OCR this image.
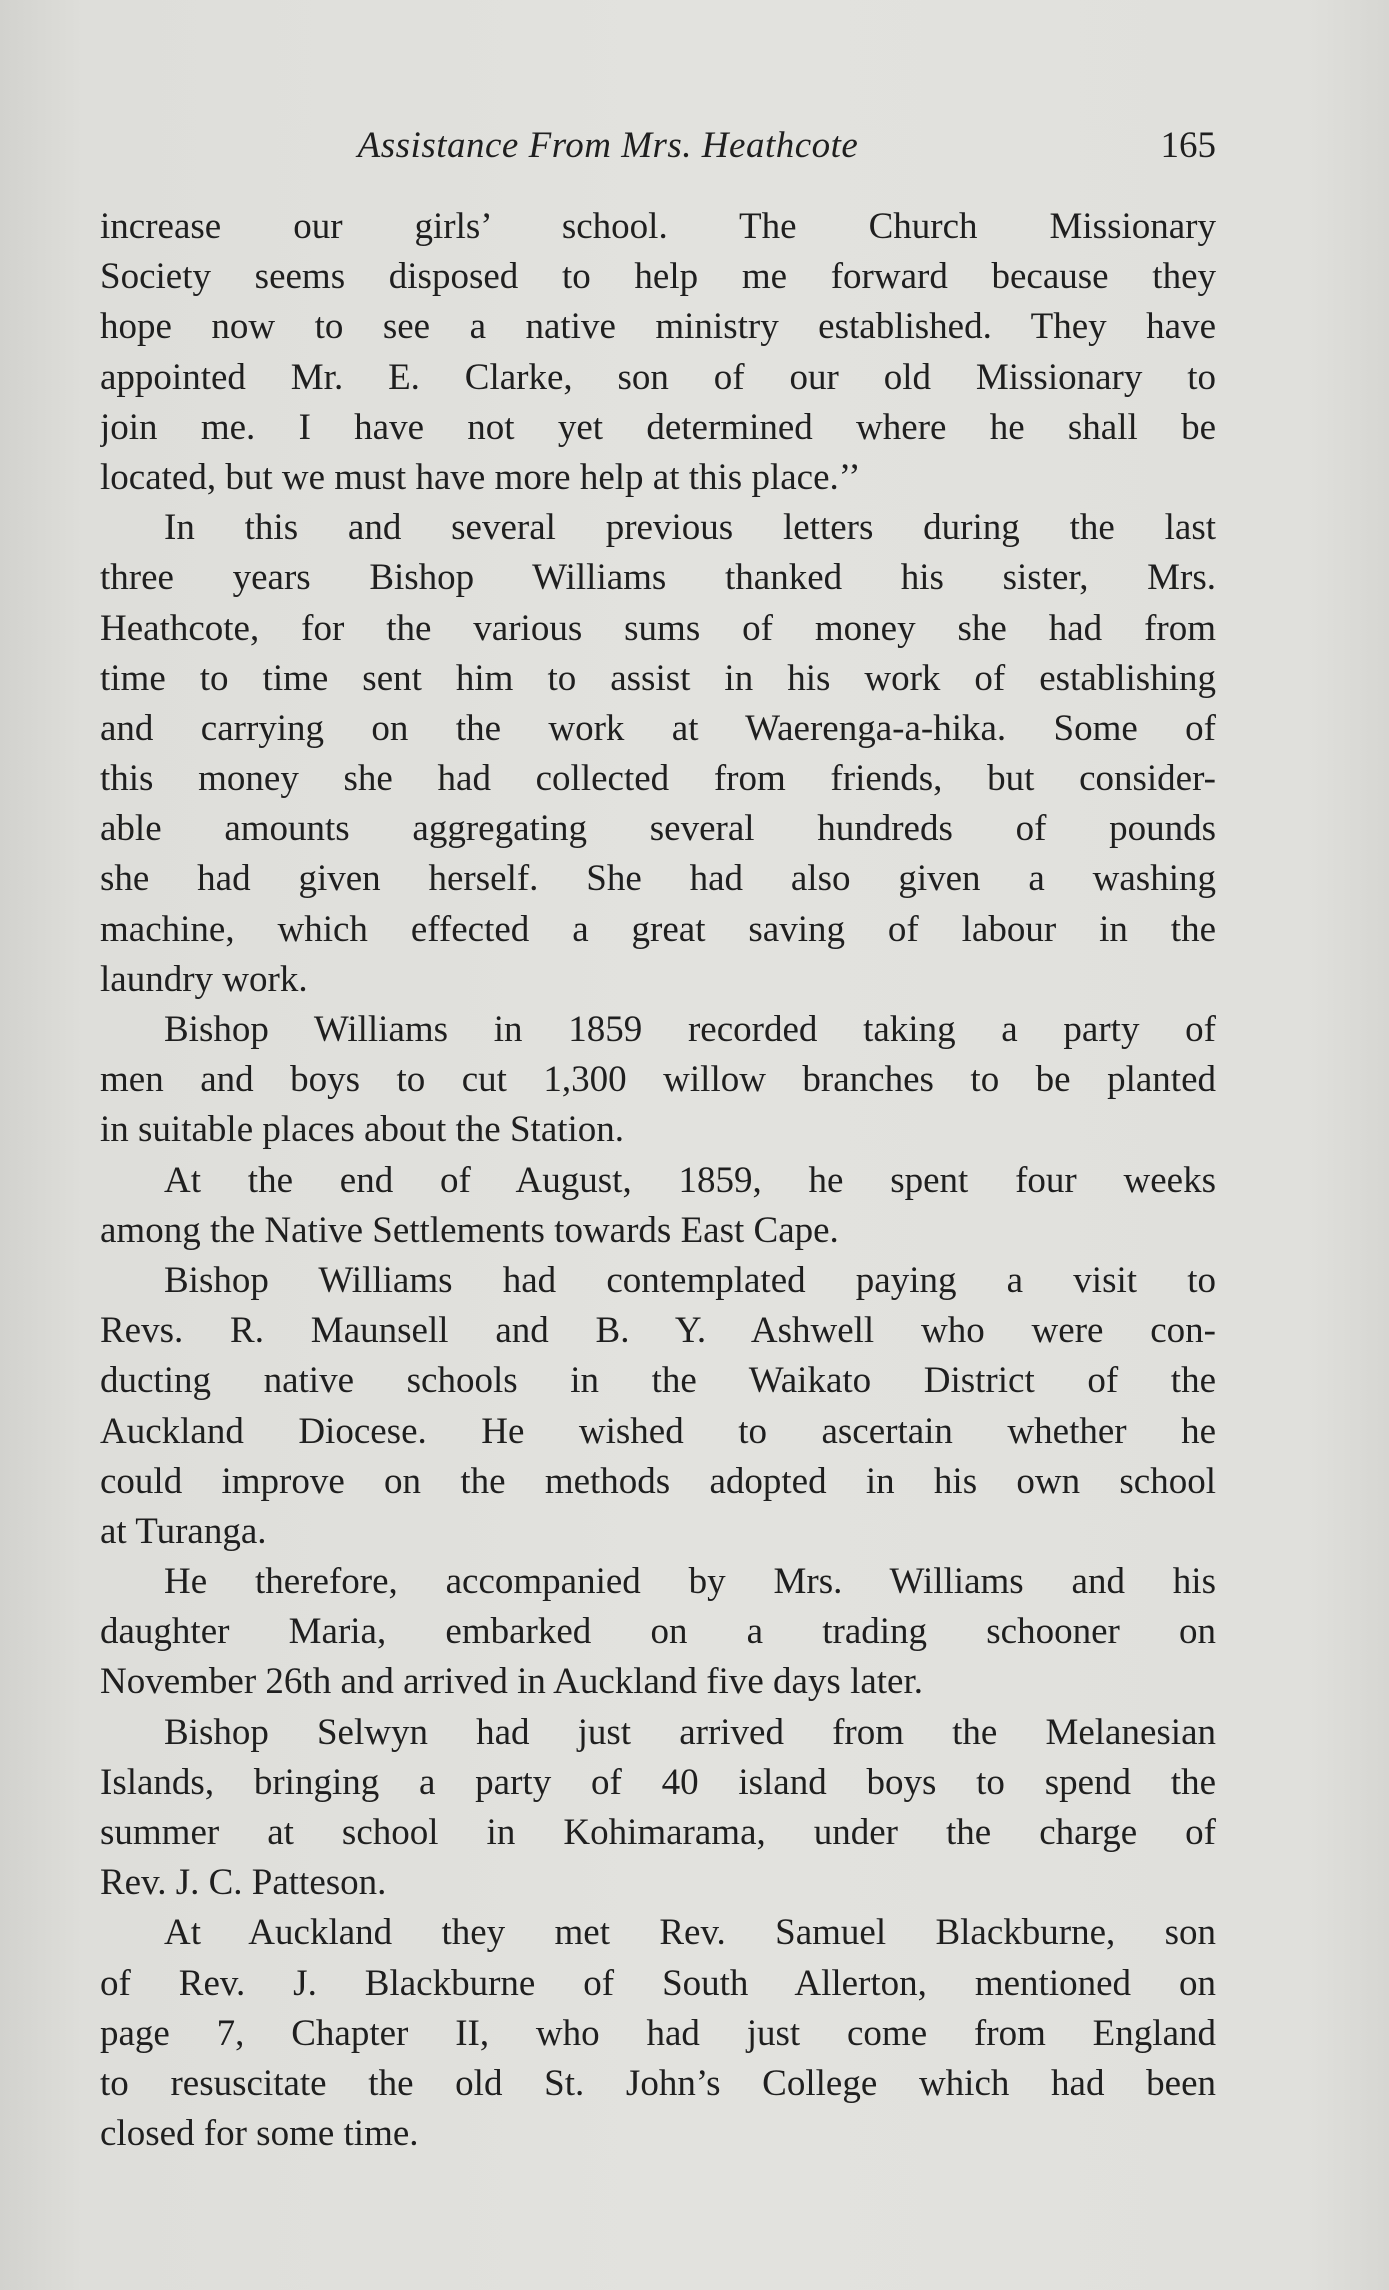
Assistance From Mrs. Heathcote	165
increase our girls’ school. The Church Missionary
Society seems disposed to help me forward because they
hope now to see a native ministry established. They have
appointed Mr. E. Clarke, son of our old Missionary to
join me. I have not yet determined where he shall be
located, but we must have more help at this place.’’
In this and several previous letters during the last
three years Bishop Williams thanked his sister, Mrs.
Heathcote, for the various sums of money she had from
time to time sent him to assist in his work of establishing
and carrying on the work at Waerenga-a-hika. Some of
this money she had collected from friends, but consider-
able amounts aggregating several hundreds of pounds
she had given herself. She had also given a washing
machine, which effected a great saving of labour in the
laundry work.
Bishop Williams in 1859 recorded taking a party of
men and boys to cut 1,300 willow branches to be planted
in suitable places about the Station.
At the end of August, 1859, he spent four weeks
among the Native Settlements towards East Cape.
Bishop Williams had contemplated paying a visit to
Revs. R. Maunsell and B. Y. Ashwell who were con-
ducting native schools in the Waikato District of the
Auckland Diocese. He wished to ascertain whether he
could improve on the methods adopted in his own school
at Turanga.
He therefore, accompanied by Mrs. Williams and his
daughter Maria, embarked on a trading schooner on
November 26th and arrived in Auckland five days later.
Bishop Selwyn had just arrived from the Melanesian
Islands, bringing a party of 40 island boys to spend the
summer at school in Kohimarama, under the charge of
Rev. J. C. Patteson.
At Auckland they met Rev. Samuel Blackburne, son
of Rev. J. Blackburne of South Allerton, mentioned on
page 7, Chapter II, who had just come from England
to resuscitate the old St. John’s College which had been
closed for some time.
